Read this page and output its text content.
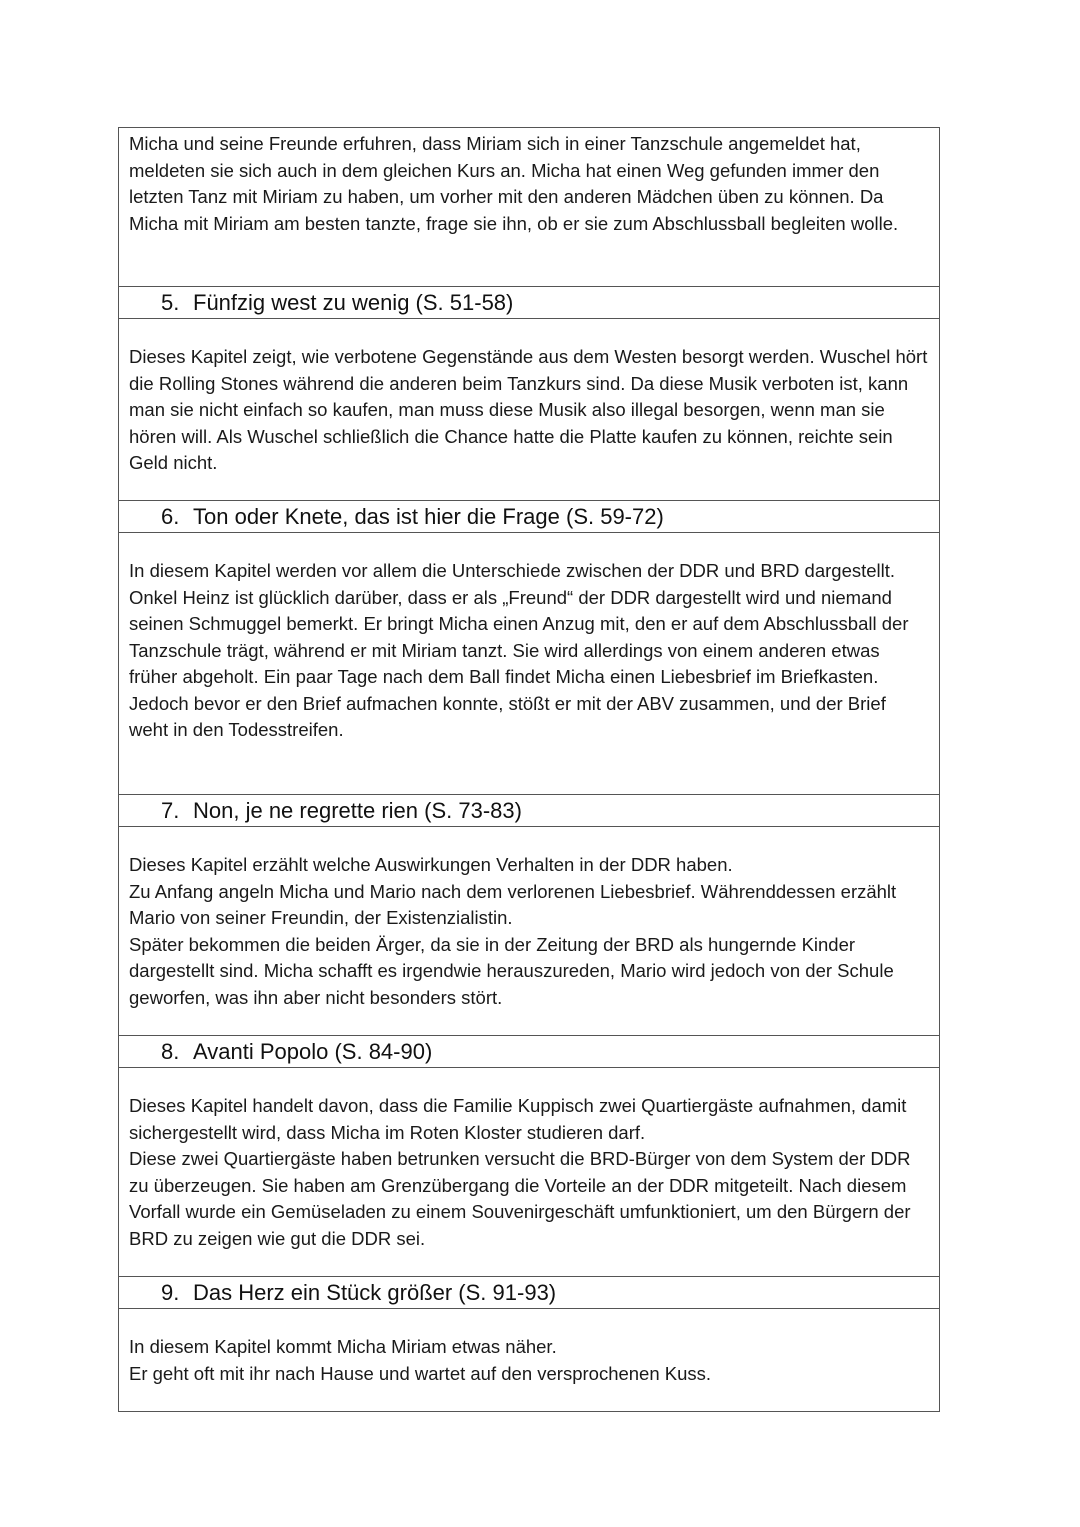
Micha und seine Freunde erfuhren, dass Miriam sich in einer Tanzschule angemeldet hat, meldeten sie sich auch in dem gleichen Kurs an. Micha hat einen Weg gefunden immer den letzten Tanz mit Miriam zu haben, um vorher mit den anderen Mädchen üben zu können. Da Micha mit Miriam am besten tanzte, frage sie ihn, ob er sie zum Abschlussball begleiten wolle.

5. Fünfzig west zu wenig (S. 51-58)

Dieses Kapitel zeigt, wie verbotene Gegenstände aus dem Westen besorgt werden. Wuschel hört die Rolling Stones während die anderen beim Tanzkurs sind. Da diese Musik verboten ist, kann man sie nicht einfach so kaufen, man muss diese Musik also illegal besorgen, wenn man sie hören will. Als Wuschel schließlich die Chance hatte die Platte kaufen zu können, reichte sein Geld nicht.

6. Ton oder Knete, das ist hier die Frage (S. 59-72)

In diesem Kapitel werden vor allem die Unterschiede zwischen der DDR und BRD dargestellt.

Onkel Heinz ist glücklich darüber, dass er als „Freund“ der DDR dargestellt wird und niemand seinen Schmuggel bemerkt. Er bringt Micha einen Anzug mit, den er auf dem Abschlussball der Tanzschule trägt, während er mit Miriam tanzt. Sie wird allerdings von einem anderen etwas früher abgeholt. Ein paar Tage nach dem Ball findet Micha einen Liebesbrief im Briefkasten. Jedoch bevor er den Brief aufmachen konnte, stößt er mit der ABV zusammen, und der Brief weht in den Todesstreifen.

7. Non, je ne regrette rien (S. 73-83)

Dieses Kapitel erzählt welche Auswirkungen Verhalten in der DDR haben.

Zu Anfang angeln Micha und Mario nach dem verlorenen Liebesbrief. Währenddessen erzählt Mario von seiner Freundin, der Existenzialistin.

Später bekommen die beiden Ärger, da sie in der Zeitung der BRD als hungernde Kinder dargestellt sind. Micha schafft es irgendwie herauszureden, Mario wird jedoch von der Schule geworfen, was ihn aber nicht besonders stört.

8. Avanti Popolo (S. 84-90)

Dieses Kapitel handelt davon, dass die Familie Kuppisch zwei Quartiergäste aufnahmen, damit sichergestellt wird, dass Micha im Roten Kloster studieren darf.

Diese zwei Quartiergäste haben betrunken versucht die BRD-Bürger von dem System der DDR zu überzeugen. Sie haben am Grenzübergang die Vorteile an der DDR mitgeteilt. Nach diesem Vorfall wurde ein Gemüseladen zu einem Souvenirgeschäft umfunktioniert, um den Bürgern der BRD zu zeigen wie gut die DDR sei.

9. Das Herz ein Stück größer (S. 91-93)

In diesem Kapitel kommt Micha Miriam etwas näher.

Er geht oft mit ihr nach Hause und wartet auf den versprochenen Kuss.
